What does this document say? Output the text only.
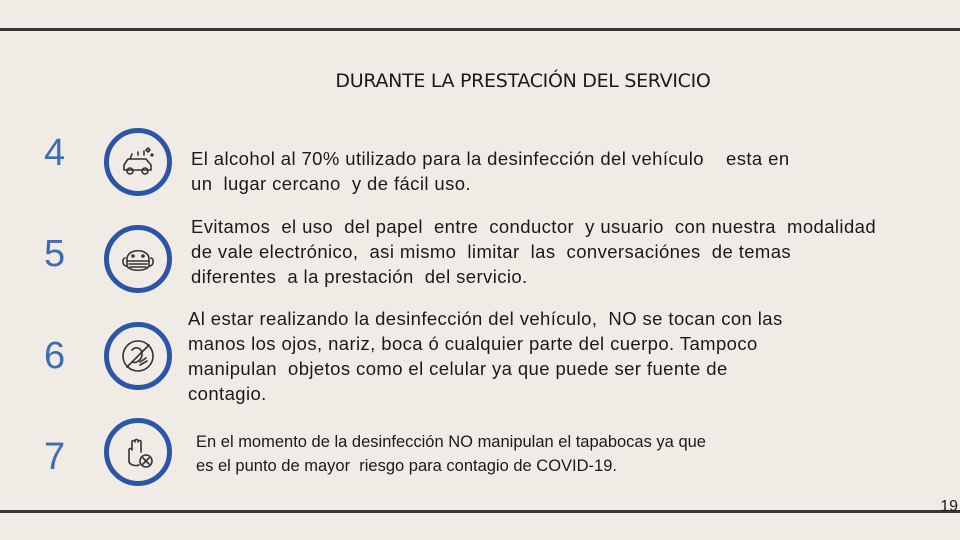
DURANTE LA PRESTACIÓN DEL SERVICIO
4	El alcohol al 70% utilizado para la desinfección del vehículo    esta en

un  lugar cercano  y de fácil uso.

5

Evitamos  el uso  del papel  entre  conductor  y usuario  con nuestra  modalidad

de vale electrónico,  asi mismo  limitar  las  conversaciónes  de temas

diferentes  a la prestación  del servicio.

6

Al estar realizando la desinfección del vehículo,  NO se tocan con las

manos los ojos, nariz, boca ó cualquier parte del cuerpo. Tampoco

manipulan  objetos como el celular ya que puede ser fuente de

contagio.

7	En el momento de la desinfección NO manipulan el tapabocas ya que

es el punto de mayor  riesgo para contagio de COVID-19.

19
